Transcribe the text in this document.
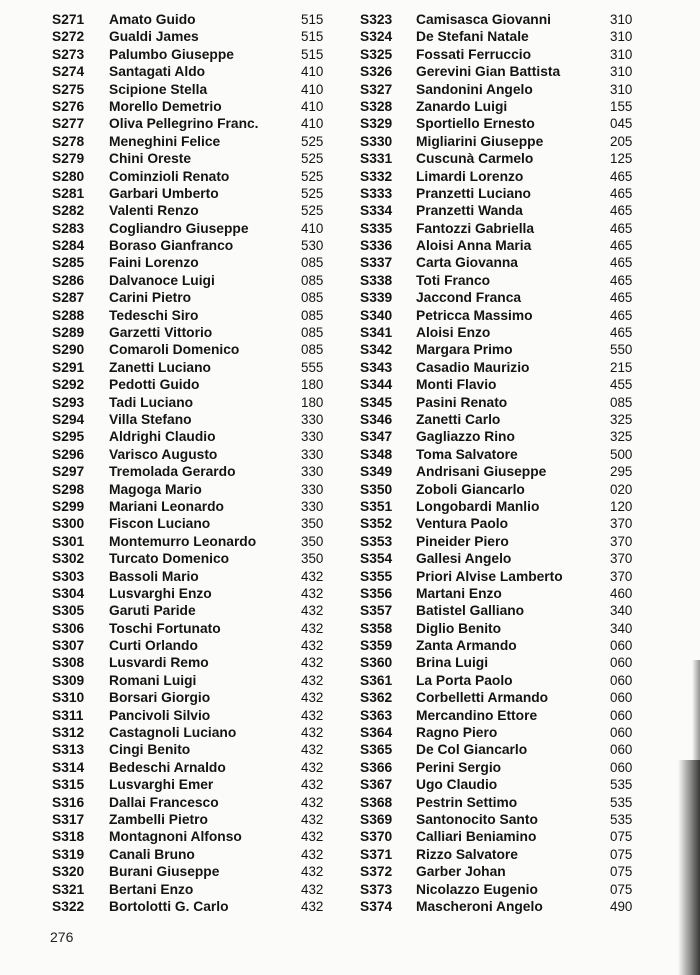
S271 Amato Guido	515
S272 Gualdi James	515
S273 Palumbo Giuseppe	515
S274 Santagati Aldo	410
S275 Scipione Stella	410
S276 Morello Demetrio	410
S277 Oliva Pellegrino Franc.	410
S278 Meneghini Felice	525
S279 Chini Oreste	525
S280 Cominzioli Renato	525
S281 Garbari Umberto	525
S282 Valenti Renzo	525
S283 Cogliandro Giuseppe	410
S284 Boraso Gianfranco	530
S285 Faini Lorenzo	085
S286 Dalvanoce Luigi	085
S287 Carini Pietro	085
S288 Tedeschi Siro	085
S289 Garzetti Vittorio	085
S290 Comaroli Domenico	085
S291 Zanetti Luciano	555
S292 Pedotti Guido	180
S293 Tadi Luciano	180
S294 Villa Stefano	330
S295 Aldrighi Claudio	330
S296 Varisco Augusto	330
S297 Tremolada Gerardo	330
S298 Magoga Mario	330
S299 Mariani Leonardo	330
S300 Fiscon Luciano	350
S301 Montemurro Leonardo	350
S302 Turcato Domenico	350
S303 Bassoli Mario	432
S304 Lusvarghi Enzo	432
S305 Garuti Paride	432
S306 Toschi Fortunato	432
S307 Curti Orlando	432
S308 Lusvardi Remo	432
S309 Romani Luigi	432
S310 Borsari Giorgio	432
S311 Pancivoli Silvio	432
S312 Castagnoli Luciano	432
S313 Cingi Benito	432
S314 Bedeschi Arnaldo	432
S315 Lusvarghi Emer	432
S316 Dallai Francesco	432
S317 Zambelli Pietro	432
S318 Montagnoni Alfonso	432
S319 Canali Bruno	432
S320 Burani Giuseppe	432
S321 Bertani Enzo	432
S322 Bortolotti G. Carlo	432
S323 Camisasca Giovanni	310
S324 De Stefani Natale	310
S325 Fossati Ferruccio	310
S326 Gerevini Gian Battista	310
S327 Sandonini Angelo	310
S328 Zanardo Luigi	155
S329 Sportiello Ernesto	045
S330 Migliarini Giuseppe	205
S331 Cuscunà Carmelo	125
S332 Limardi Lorenzo	465
S333 Pranzetti Luciano	465
S334 Pranzetti Wanda	465
S335 Fantozzi Gabriella	465
S336 Aloisi Anna Maria	465
S337 Carta Giovanna	465
S338 Toti Franco	465
S339 Jaccond Franca	465
S340 Petricca Massimo	465
S341 Aloisi Enzo	465
S342 Margara Primo	550
S343 Casadio Maurizio	215
S344 Monti Flavio	455
S345 Pasini Renato	085
S346 Zanetti Carlo	325
S347 Gagliazzo Rino	325
S348 Toma Salvatore	500
S349 Andrisani Giuseppe	295
S350 Zoboli Giancarlo	020
S351 Longobardi Manlio	120
S352 Ventura Paolo	370
S353 Pineider Piero	370
S354 Gallesi Angelo	370
S355 Priori Alvise Lamberto	370
S356 Martani Enzo	460
S357 Batistel Galliano	340
S358 Diglio Benito	340
S359 Zanta Armando	060
S360 Brina Luigi	060
S361 La Porta Paolo	060
S362 Corbelletti Armando	060
S363 Mercandino Ettore	060
S364 Ragno Piero	060
S365 De Col Giancarlo	060
S366 Perini Sergio	060
S367 Ugo Claudio	535
S368 Pestrin Settimo	535
S369 Santonocito Santo	535
S370 Calliari Beniamino	075
S371 Rizzo Salvatore	075
S372 Garber Johan	075
S373 Nicolazzo Eugenio	075
S374 Mascheroni Angelo	490
276
